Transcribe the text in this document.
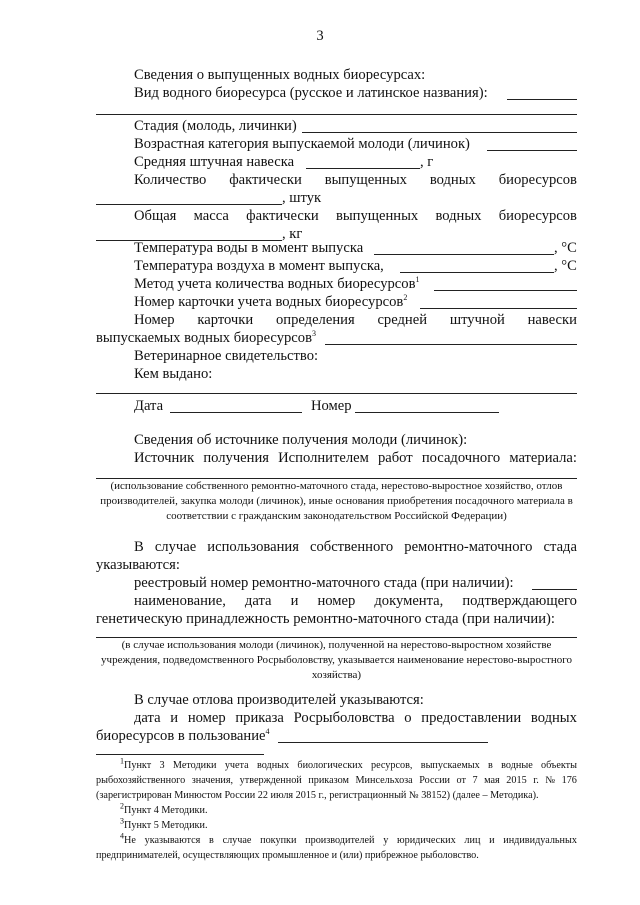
3
Сведения о выпущенных водных биоресурсах:
Вид водного биоресурса (русское и латинское названия):
Стадия (молодь, личинки)
Возрастная категория выпускаемой молоди (личинок)
Средняя штучная навеска	, г
Количество фактически выпущенных водных биоресурсов
, штук
Общая масса фактически выпущенных водных биоресурсов
, кг
Температура воды в момент выпуска	, °С
Температура воздуха в момент выпуска,	, °С
Метод учета количества водных биоресурсов$^1$
Номер карточки учета водных биоресурсов$^2$
Номер карточки определения средней штучной навески
выпускаемых водных биоресурсов$^3$
Ветеринарное свидетельство:
Кем выдано:
Дата	Номер
Сведения об источнике получения молоди (личинок):
Источник получения Исполнителем работ посадочного материала:
(использование собственного ремонтно-маточного стада, нерестово-выростное хозяйство, отлов производителей, закупка молоди (личинок), иные основания приобретения посадочного материала в соответствии с гражданским законодательством Российской Федерации)
В случае использования собственного ремонтно-маточного стада
указываются:
реестровый номер ремонтно-маточного стада (при наличии):
наименование, дата и номер документа, подтверждающего
генетическую принадлежность ремонтно-маточного стада (при наличии):
(в случае использования молоди (личинок), полученной на нерестово-выростном хозяйстве учреждения, подведомственного Росрыболовству, указывается наименование нерестово-выростного хозяйства)
В случае отлова производителей указываются:
дата и номер приказа Росрыболовства о предоставлении водных
биоресурсов в пользование$^4$
$^1$Пункт 3 Методики учета водных биологических ресурсов, выпускаемых в водные объекты
рыбохозяйственного значения, утвержденной приказом Минсельхоза России от 7 мая 2015 г. № 176
(зарегистрирован Минюстом России 22 июля 2015 г., регистрационный № 38152) (далее – Методика).
$^2$Пункт 4 Методики.
$^3$Пункт 5 Методики.
$^4$Не указываются в случае покупки производителей у юридических лиц и индивидуальных
предпринимателей, осуществляющих промышленное и (или) прибрежное рыболовство.
